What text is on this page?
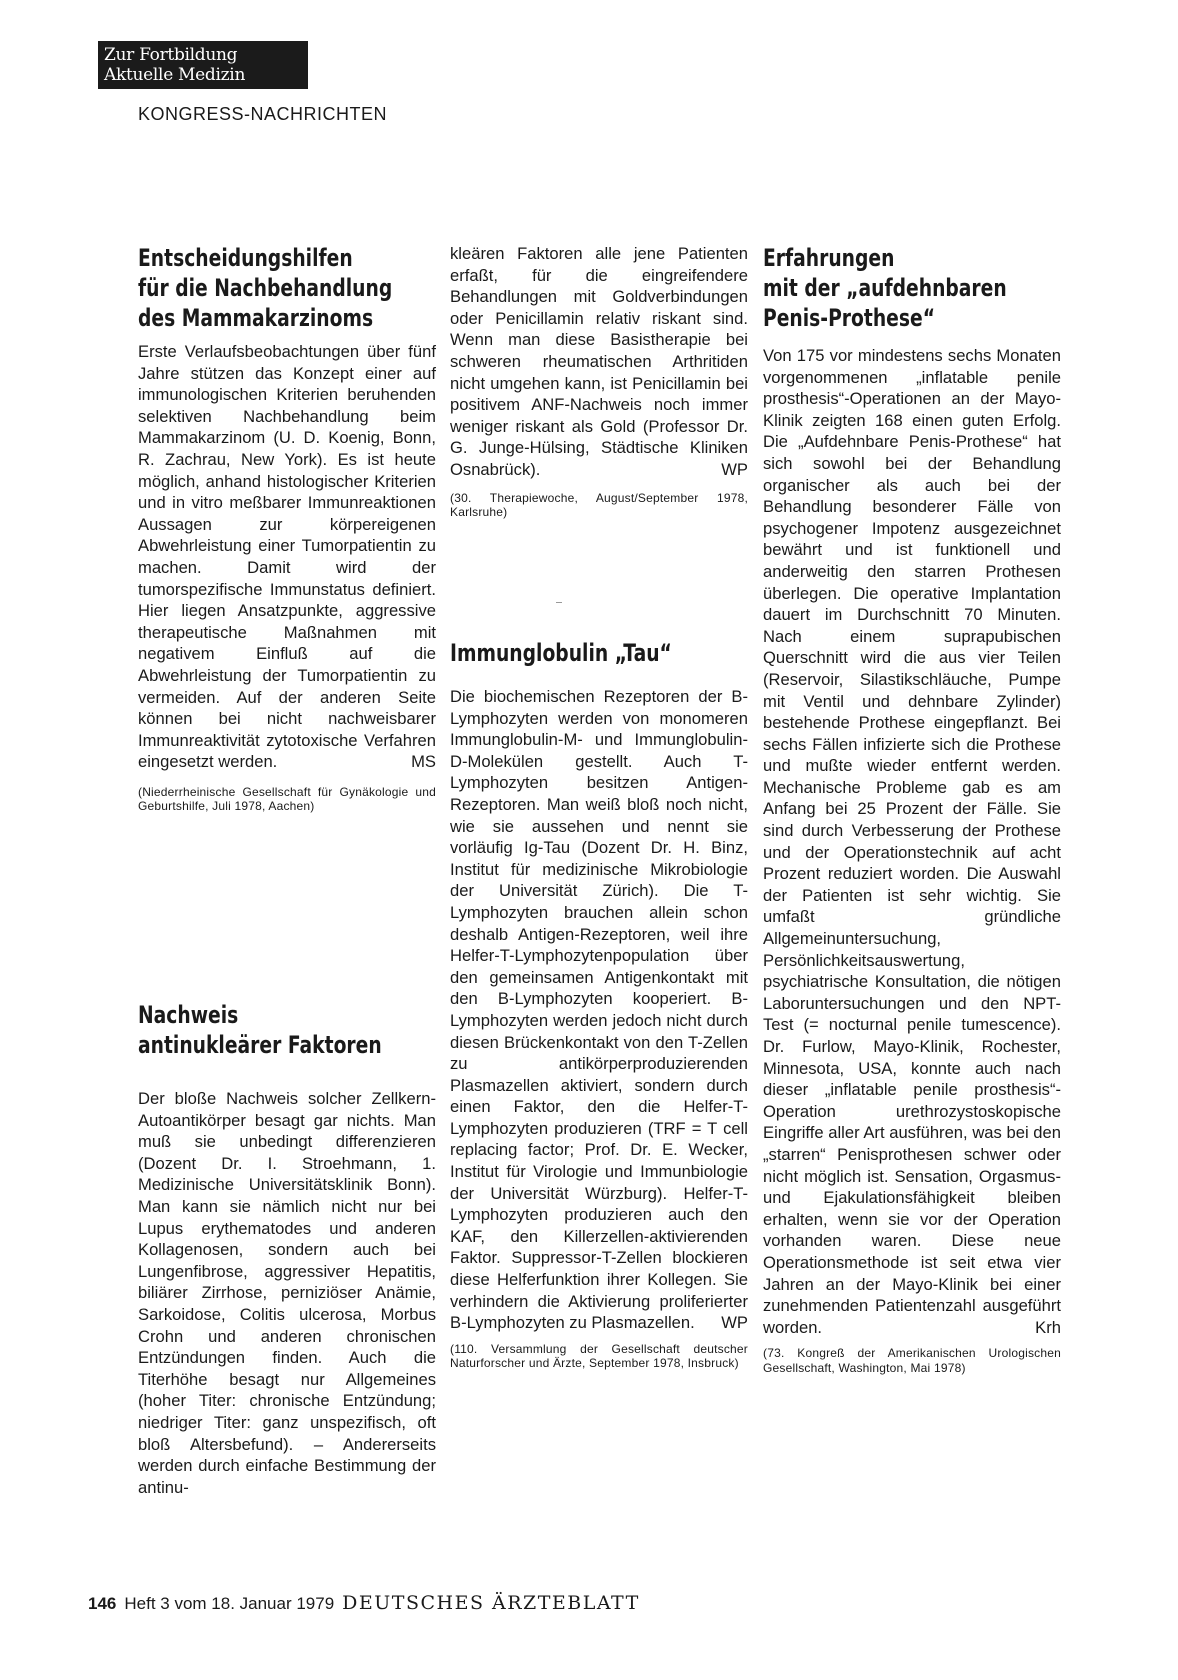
Zur Fortbildung
Aktuelle Medizin
KONGRESS-NACHRICHTEN
Entscheidungshilfen
für die Nachbehandlung
des Mammakarzinoms

Erste Verlaufsbeobachtungen über fünf Jahre stützen das Konzept einer auf immunologischen Kriterien beruhenden selektiven Nachbehandlung beim Mammakarzinom (U. D. Koenig, Bonn, R. Zachrau, New York). Es ist heute möglich, anhand histologischer Kriterien und in vitro meßbarer Immunreaktionen Aussagen zur körpereigenen Abwehrleistung einer Tumorpatientin zu machen. Damit wird der tumorspezifische Immunstatus definiert. Hier liegen Ansatzpunkte, aggressive therapeutische Maßnahmen mit negativem Einfluß auf die Abwehrleistung der Tumorpatientin zu vermeiden. Auf der anderen Seite können bei nicht nachweisbarer Immunreaktivität zytotoxische Verfahren eingesetzt werden.	MS

(Niederrheinische Gesellschaft für Gynäkologie und Geburtshilfe, Juli 1978, Aachen)

Nachweis
antinukleärer Faktoren

Der bloße Nachweis solcher Zellkern-Autoantikörper besagt gar nichts. Man muß sie unbedingt differenzieren (Dozent Dr. I. Stroehmann, 1. Medizinische Universitätsklinik Bonn). Man kann sie nämlich nicht nur bei Lupus erythematodes und anderen Kollagenosen, sondern auch bei Lungenfibrose, aggressiver Hepatitis, biliärer Zirrhose, perniziöser Anämie, Sarkoidose, Colitis ulcerosa, Morbus Crohn und anderen chronischen Entzündungen finden. Auch die Titerhöhe besagt nur Allgemeines (hoher Titer: chronische Entzündung; niedriger Titer: ganz unspezifisch, oft bloß Altersbefund). – Andererseits werden durch einfache Bestimmung der antinu-

kleären Faktoren alle jene Patienten erfaßt, für die eingreifendere Behandlungen mit Goldverbindungen oder Penicillamin relativ riskant sind. Wenn man diese Basistherapie bei schweren rheumatischen Arthritiden nicht umgehen kann, ist Penicillamin bei positivem ANF-Nachweis noch immer weniger riskant als Gold (Professor Dr. G. Junge-Hülsing, Städtische Kliniken Osnabrück).	WP

(30. Therapiewoche, August/September 1978, Karlsruhe)

Immunglobulin „Tau“

Die biochemischen Rezeptoren der B-Lymphozyten werden von monomeren Immunglobulin-M- und Immunglobulin-D-Molekülen gestellt. Auch T-Lymphozyten besitzen Antigen-Rezeptoren. Man weiß bloß noch nicht, wie sie aussehen und nennt sie vorläufig Ig-Tau (Dozent Dr. H. Binz, Institut für medizinische Mikrobiologie der Universität Zürich). Die T-Lymphozyten brauchen allein schon deshalb Antigen-Rezeptoren, weil ihre Helfer-T-Lymphozytenpopulation über den gemeinsamen Antigenkontakt mit den B-Lymphozyten kooperiert. B-Lymphozyten werden jedoch nicht durch diesen Brückenkontakt von den T-Zellen zu antikörperproduzierenden Plasmazellen aktiviert, sondern durch einen Faktor, den die Helfer-T-Lymphozyten produzieren (TRF = T cell replacing factor; Prof. Dr. E. Wecker, Institut für Virologie und Immunbiologie der Universität Würzburg). Helfer-T-Lymphozyten produzieren auch den KAF, den Killerzellen-aktivierenden Faktor. Suppressor-T-Zellen blockieren diese Helferfunktion ihrer Kollegen. Sie verhindern die Aktivierung proliferierter B-Lymphozyten zu Plasmazellen. WP

(110. Versammlung der Gesellschaft deutscher Naturforscher und Ärzte, September 1978, Insbruck)

Erfahrungen
mit der „aufdehnbaren
Penis-Prothese“

Von 175 vor mindestens sechs Monaten vorgenommenen „inflatable penile prosthesis“-Operationen an der Mayo-Klinik zeigten 168 einen guten Erfolg. Die „Aufdehnbare Penis-Prothese“ hat sich sowohl bei der Behandlung organischer als auch bei der Behandlung besonderer Fälle von psychogener Impotenz ausgezeichnet bewährt und ist funktionell und anderweitig den starren Prothesen überlegen. Die operative Implantation dauert im Durchschnitt 70 Minuten. Nach einem suprapubischen Querschnitt wird die aus vier Teilen (Reservoir, Silastikschläuche, Pumpe mit Ventil und dehnbare Zylinder) bestehende Prothese eingepflanzt. Bei sechs Fällen infizierte sich die Prothese und mußte wieder entfernt werden. Mechanische Probleme gab es am Anfang bei 25 Prozent der Fälle. Sie sind durch Verbesserung der Prothese und der Operationstechnik auf acht Prozent reduziert worden. Die Auswahl der Patienten ist sehr wichtig. Sie umfaßt gründliche Allgemeinuntersuchung, Persönlichkeitsauswertung, psychiatrische Konsultation, die nötigen Laboruntersuchungen und den NPT-Test (= nocturnal penile tumescence). Dr. Furlow, Mayo-Klinik, Rochester, Minnesota, USA, konnte auch nach dieser „inflatable penile prosthesis“-Operation urethrozystoskopische Eingriffe aller Art ausführen, was bei den „starren“ Penisprothesen schwer oder nicht möglich ist. Sensation, Orgasmus- und Ejakulationsfähigkeit bleiben erhalten, wenn sie vor der Operation vorhanden waren. Diese neue Operationsmethode ist seit etwa vier Jahren an der Mayo-Klinik bei einer zunehmenden Patientenzahl ausgeführt worden.	Krh

(73. Kongreß der Amerikanischen Urologischen Gesellschaft, Washington, Mai 1978)

146 Heft 3 vom 18. Januar 1979 DEUTSCHES ÄRZTEBLATT
